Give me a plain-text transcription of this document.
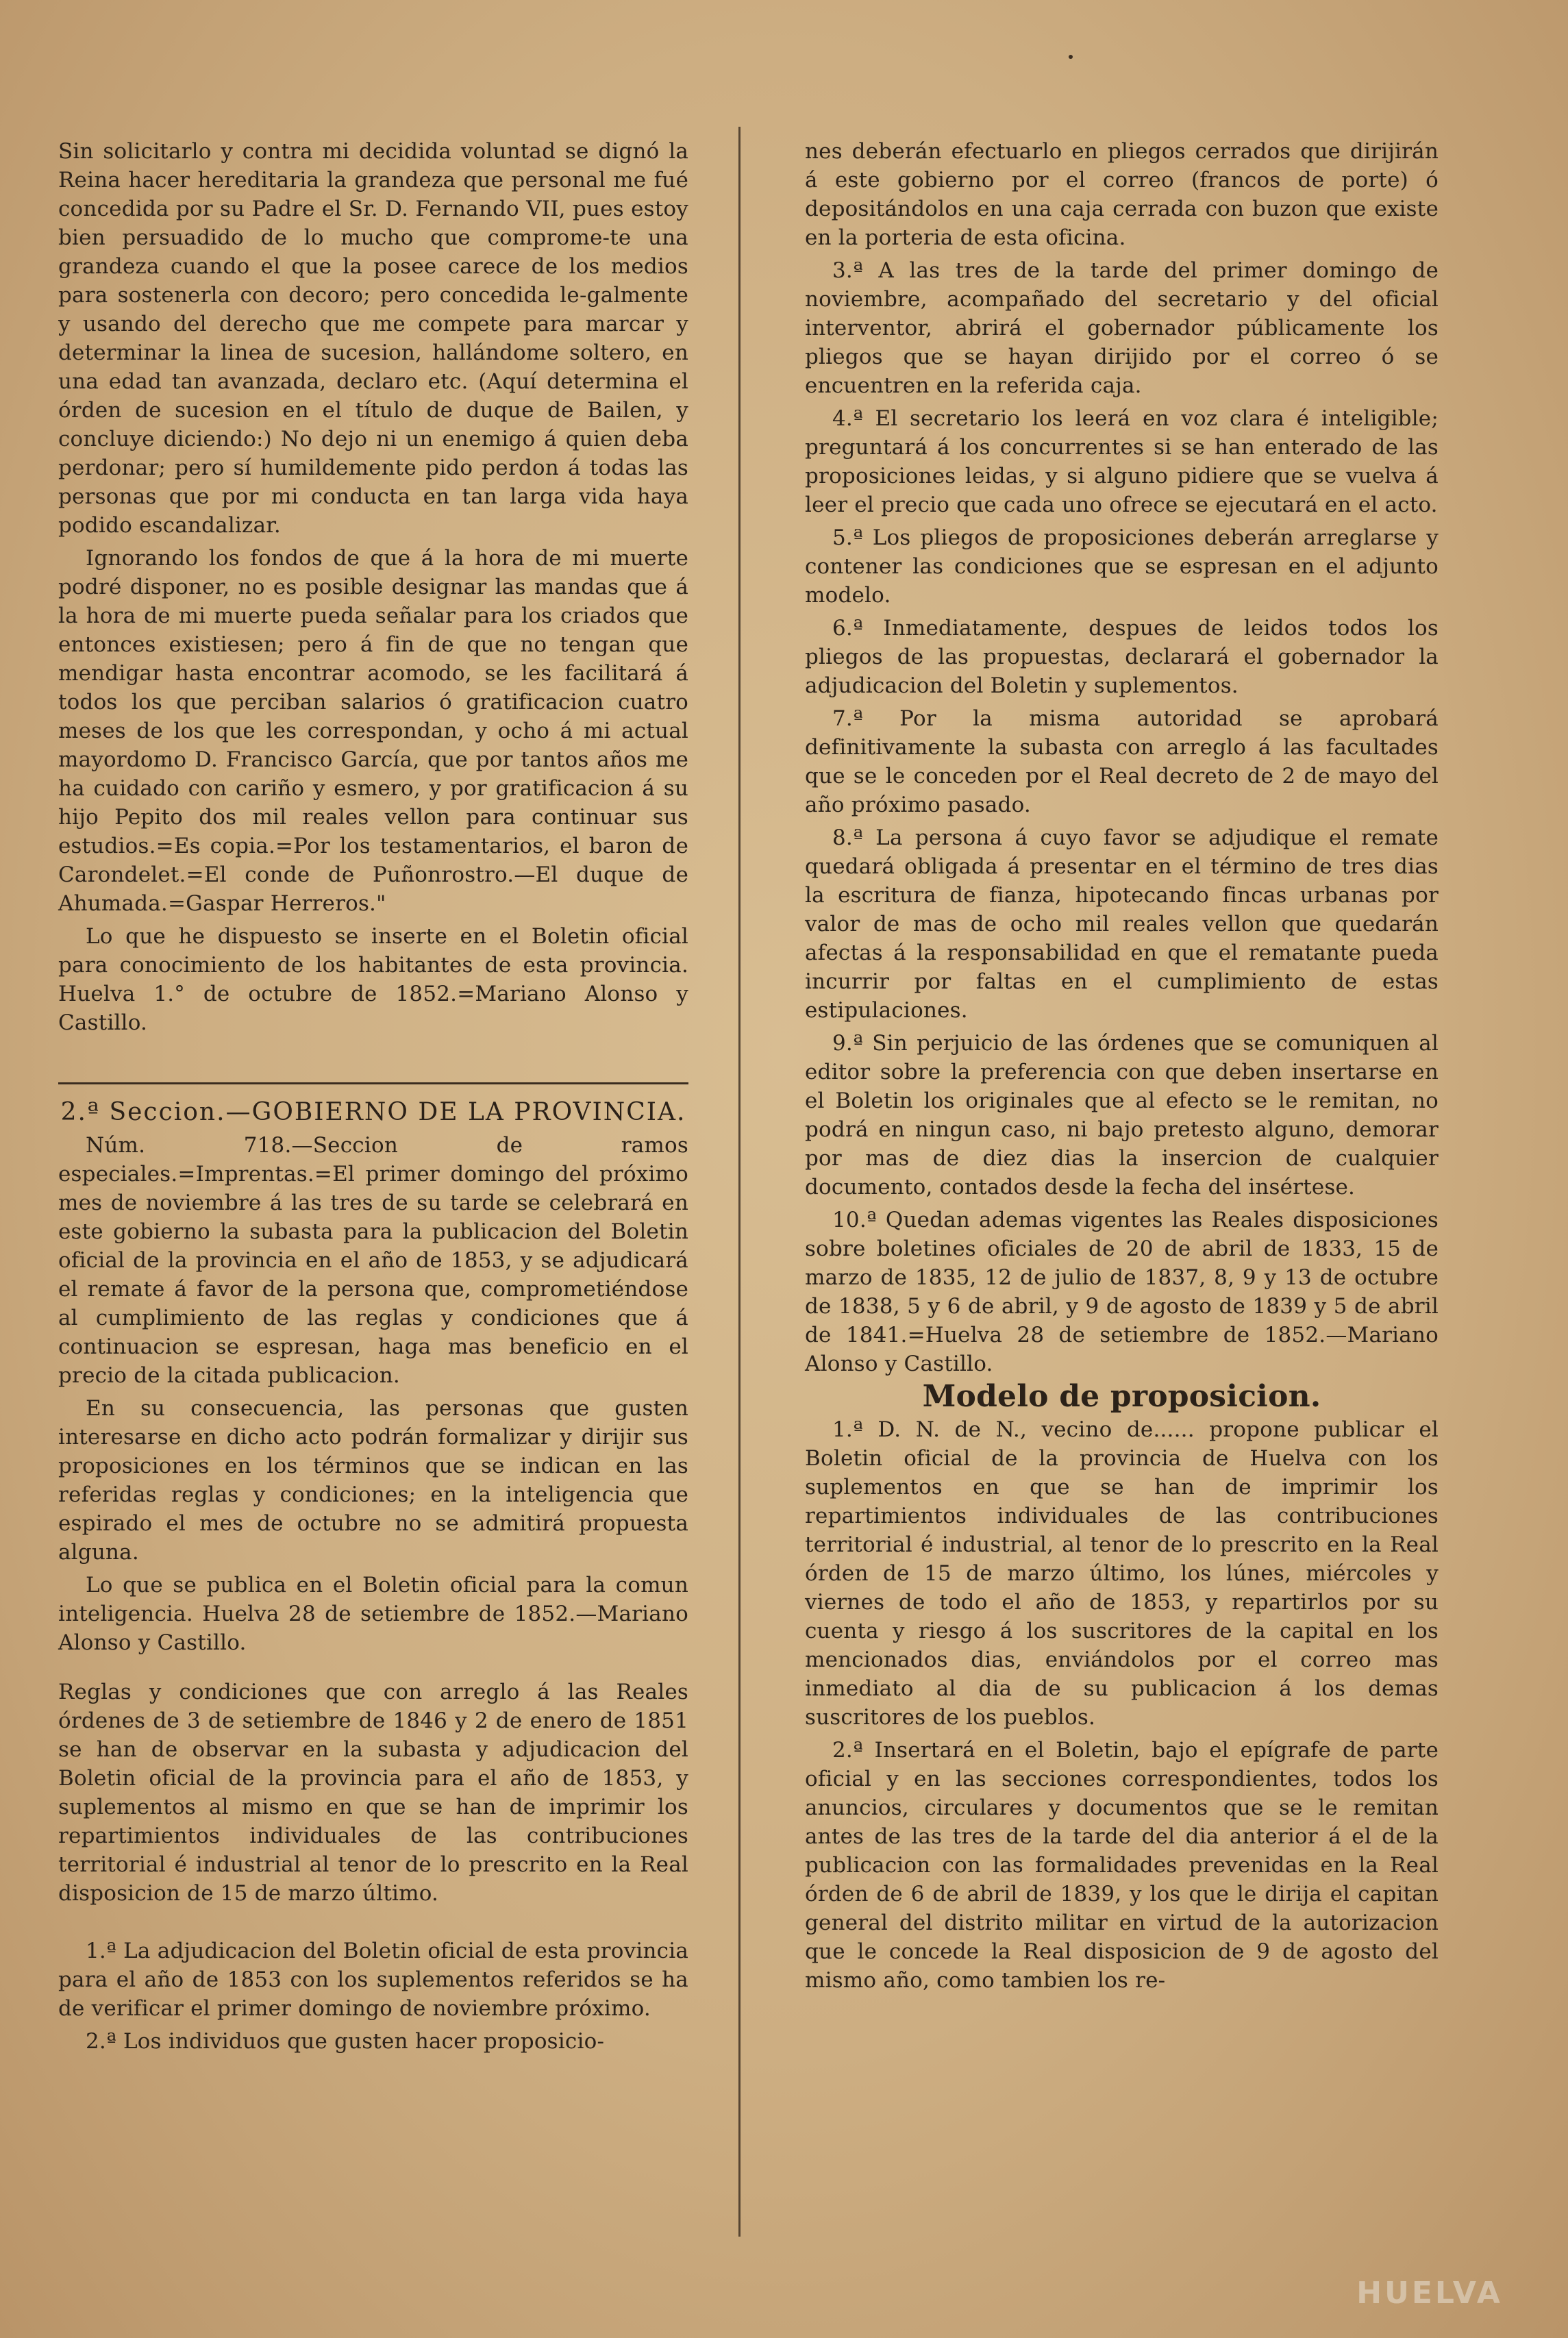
Sin solicitarlo y contra mi decidida voluntad se dignó la Reina hacer hereditaria la grandeza que personal me fué concedida por su Padre el Sr. D. Fernando VII, pues estoy bien persuadido de lo mucho que comprome-te una grandeza cuando el que la posee carece de los medios para sostenerla con decoro; pero concedida le-galmente y usando del derecho que me compete para marcar y determinar la linea de sucesion, hallándome soltero, en una edad tan avanzada, declaro etc. (Aquí determina el órden de sucesion en el título de duque de Bailen, y concluye diciendo:) No dejo ni un enemigo á quien deba perdonar; pero sí humildemente pido perdon á todas las personas que por mi conducta en tan larga vida haya podido escandalizar.

Ignorando los fondos de que á la hora de mi muerte podré disponer, no es posible designar las mandas que á la hora de mi muerte pueda señalar para los criados que entonces existiesen; pero á fin de que no tengan que mendigar hasta encontrar acomodo, se les facilitará á todos los que perciban salarios ó gratificacion cuatro meses de los que les correspondan, y ocho á mi actual mayordomo D. Francisco García, que por tantos años me ha cuidado con cariño y esmero, y por gratificacion á su hijo Pepito dos mil reales vellon para continuar sus estudios.=Es copia.=Por los testamentarios, el baron de Carondelet.=El conde de Puñonrostro.—El duque de Ahumada.=Gaspar Herreros."

Lo que he dispuesto se inserte en el Boletin oficial para conocimiento de los habitantes de esta provincia. Huelva 1.° de octubre de 1852.=Mariano Alonso y Castillo.

2.ª Seccion.—GOBIERNO DE LA PROVINCIA.

Núm. 718.—Seccion de ramos especiales.=Imprentas.=El primer domingo del próximo mes de noviembre á las tres de su tarde se celebrará en este gobierno la subasta para la publicacion del Boletin oficial de la provincia en el año de 1853, y se adjudicará el remate á favor de la persona que, comprometiéndose al cumplimiento de las reglas y condiciones que á continuacion se espresan, haga mas beneficio en el precio de la citada publicacion.

En su consecuencia, las personas que gusten interesarse en dicho acto podrán formalizar y dirijir sus proposiciones en los términos que se indican en las referidas reglas y condiciones; en la inteligencia que espirado el mes de octubre no se admitirá propuesta alguna.

Lo que se publica en el Boletin oficial para la comun inteligencia. Huelva 28 de setiembre de 1852.—Mariano Alonso y Castillo.

Reglas y condiciones que con arreglo á las Reales órdenes de 3 de setiembre de 1846 y 2 de enero de 1851 se han de observar en la subasta y adjudicacion del Boletin oficial de la provincia para el año de 1853, y suplementos al mismo en que se han de imprimir los repartimientos individuales de las contribuciones territorial é industrial al tenor de lo prescrito en la Real disposicion de 15 de marzo último.

1.ª La adjudicacion del Boletin oficial de esta provincia para el año de 1853 con los suplementos referidos se ha de verificar el primer domingo de noviembre próximo.

2.ª Los individuos que gusten hacer proposicio-

nes deberán efectuarlo en pliegos cerrados que dirijirán á este gobierno por el correo (francos de porte) ó depositándolos en una caja cerrada con buzon que existe en la porteria de esta oficina.

3.ª A las tres de la tarde del primer domingo de noviembre, acompañado del secretario y del oficial interventor, abrirá el gobernador públicamente los pliegos que se hayan dirijido por el correo ó se encuentren en la referida caja.

4.ª El secretario los leerá en voz clara é inteligible; preguntará á los concurrentes si se han enterado de las proposiciones leidas, y si alguno pidiere que se vuelva á leer el precio que cada uno ofrece se ejecutará en el acto.

5.ª Los pliegos de proposiciones deberán arreglarse y contener las condiciones que se espresan en el adjunto modelo.

6.ª Inmediatamente, despues de leidos todos los pliegos de las propuestas, declarará el gobernador la adjudicacion del Boletin y suplementos.

7.ª Por la misma autoridad se aprobará definitivamente la subasta con arreglo á las facultades que se le conceden por el Real decreto de 2 de mayo del año próximo pasado.

8.ª La persona á cuyo favor se adjudique el remate quedará obligada á presentar en el término de tres dias la escritura de fianza, hipotecando fincas urbanas por valor de mas de ocho mil reales vellon que quedarán afectas á la responsabilidad en que el rematante pueda incurrir por faltas en el cumplimiento de estas estipulaciones.

9.ª Sin perjuicio de las órdenes que se comuniquen al editor sobre la preferencia con que deben insertarse en el Boletin los originales que al efecto se le remitan, no podrá en ningun caso, ni bajo pretesto alguno, demorar por mas de diez dias la insercion de cualquier documento, contados desde la fecha del insértese.

10.ª Quedan ademas vigentes las Reales disposiciones sobre boletines oficiales de 20 de abril de 1833, 15 de marzo de 1835, 12 de julio de 1837, 8, 9 y 13 de octubre de 1838, 5 y 6 de abril, y 9 de agosto de 1839 y 5 de abril de 1841.=Huelva 28 de setiembre de 1852.—Mariano Alonso y Castillo.

Modelo de proposicion.

1.ª D. N. de N., vecino de...... propone publicar el Boletin oficial de la provincia de Huelva con los suplementos en que se han de imprimir los repartimientos individuales de las contribuciones territorial é industrial, al tenor de lo prescrito en la Real órden de 15 de marzo último, los lúnes, miércoles y viernes de todo el año de 1853, y repartirlos por su cuenta y riesgo á los suscritores de la capital en los mencionados dias, enviándolos por el correo mas inmediato al dia de su publicacion á los demas suscritores de los pueblos.

2.ª Insertará en el Boletin, bajo el epígrafe de parte oficial y en las secciones correspondientes, todos los anuncios, circulares y documentos que se le remitan antes de las tres de la tarde del dia anterior á el de la publicacion con las formalidades prevenidas en la Real órden de 6 de abril de 1839, y los que le dirija el capitan general del distrito militar en virtud de la autorizacion que le concede la Real disposicion de 9 de agosto del mismo año, como tambien los re-

HUELVA
